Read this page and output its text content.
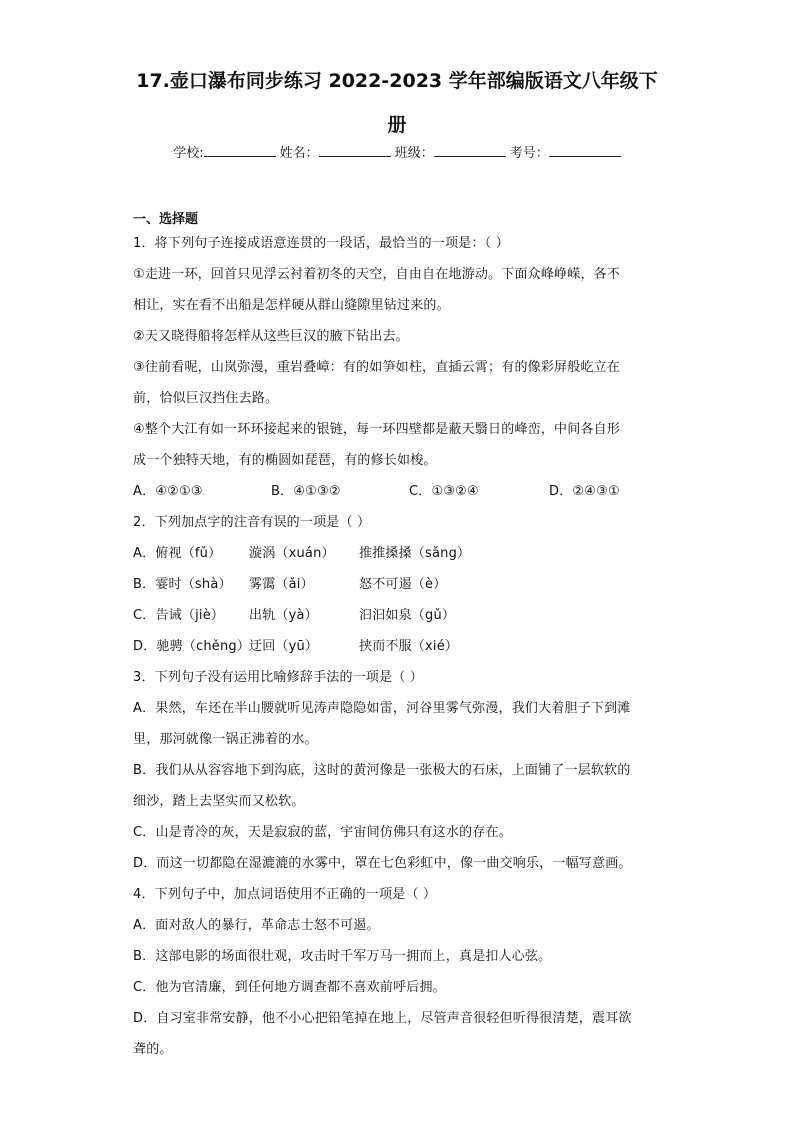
17.壶口瀑布同步练习 2022-2023 学年部编版语文八年级下
册
学校:	姓名：	班级：	考号：
一、选择题
1．将下列句子连接成语意连贯的一段话，最恰当的一项是：（ ）
①走进一环，回首只见浮云衬着初冬的天空，自由自在地游动。下面众峰峥嵘，各不
相让，实在看不出船是怎样硬从群山缝隙里钻过来的。
②天又晓得船将怎样从这些巨汉的腋下钻出去。
③往前看呢，山岚弥漫，重岩叠嶂：有的如笋如柱，直插云霄；有的像彩屏般屹立在
前，恰似巨汉挡住去路。
④整个大江有如一环环接起来的银链，每一环四壁都是蔽天翳日的峰峦，中间各自形
成一个独特天地，有的椭圆如琵琶，有的修长如梭。
A．④②①③	B．④①③②	C．①③②④	D．②④③①
2．下列加点字的注音有误的一项是（ ）
A．俯视（fǔ） 漩涡（xuán） 推推搡搡（sǎng）
B．霎时（shà） 雾霭（ǎi）	怒不可遏（è）
C．告诫（jiè） 出轨（yà）	汩汩如泉（gǔ）
D．驰骋（chěng）迂回（yū）	挟而不服（xié）
3．下列句子没有运用比喻修辞手法的一项是（ ）
A．果然，车还在半山腰就听见涛声隐隐如雷，河谷里雾气弥漫，我们大着胆子下到滩
里，那河就像一锅正沸着的水。
B．我们从从容容地下到沟底，这时的黄河像是一张极大的石床，上面铺了一层软软的
细沙，踏上去坚实而又松软。
C．山是青冷的灰，天是寂寂的蓝，宇宙间仿佛只有这水的存在。
D．而这一切都隐在湿漉漉的水雾中，罩在七色彩虹中，像一曲交响乐，一幅写意画。
4．下列句子中，加点词语使用不正确的一项是（ ）
A．面对敌人的暴行，革命志士怒不可遏。
B．这部电影的场面很壮观，攻击时千军万马一拥而上，真是扣人心弦。
C．他为官清廉，到任何地方调查都不喜欢前呼后拥。
D．自习室非常安静，他不小心把铅笔掉在地上，尽管声音很轻但听得很清楚，震耳欲
聋的。
